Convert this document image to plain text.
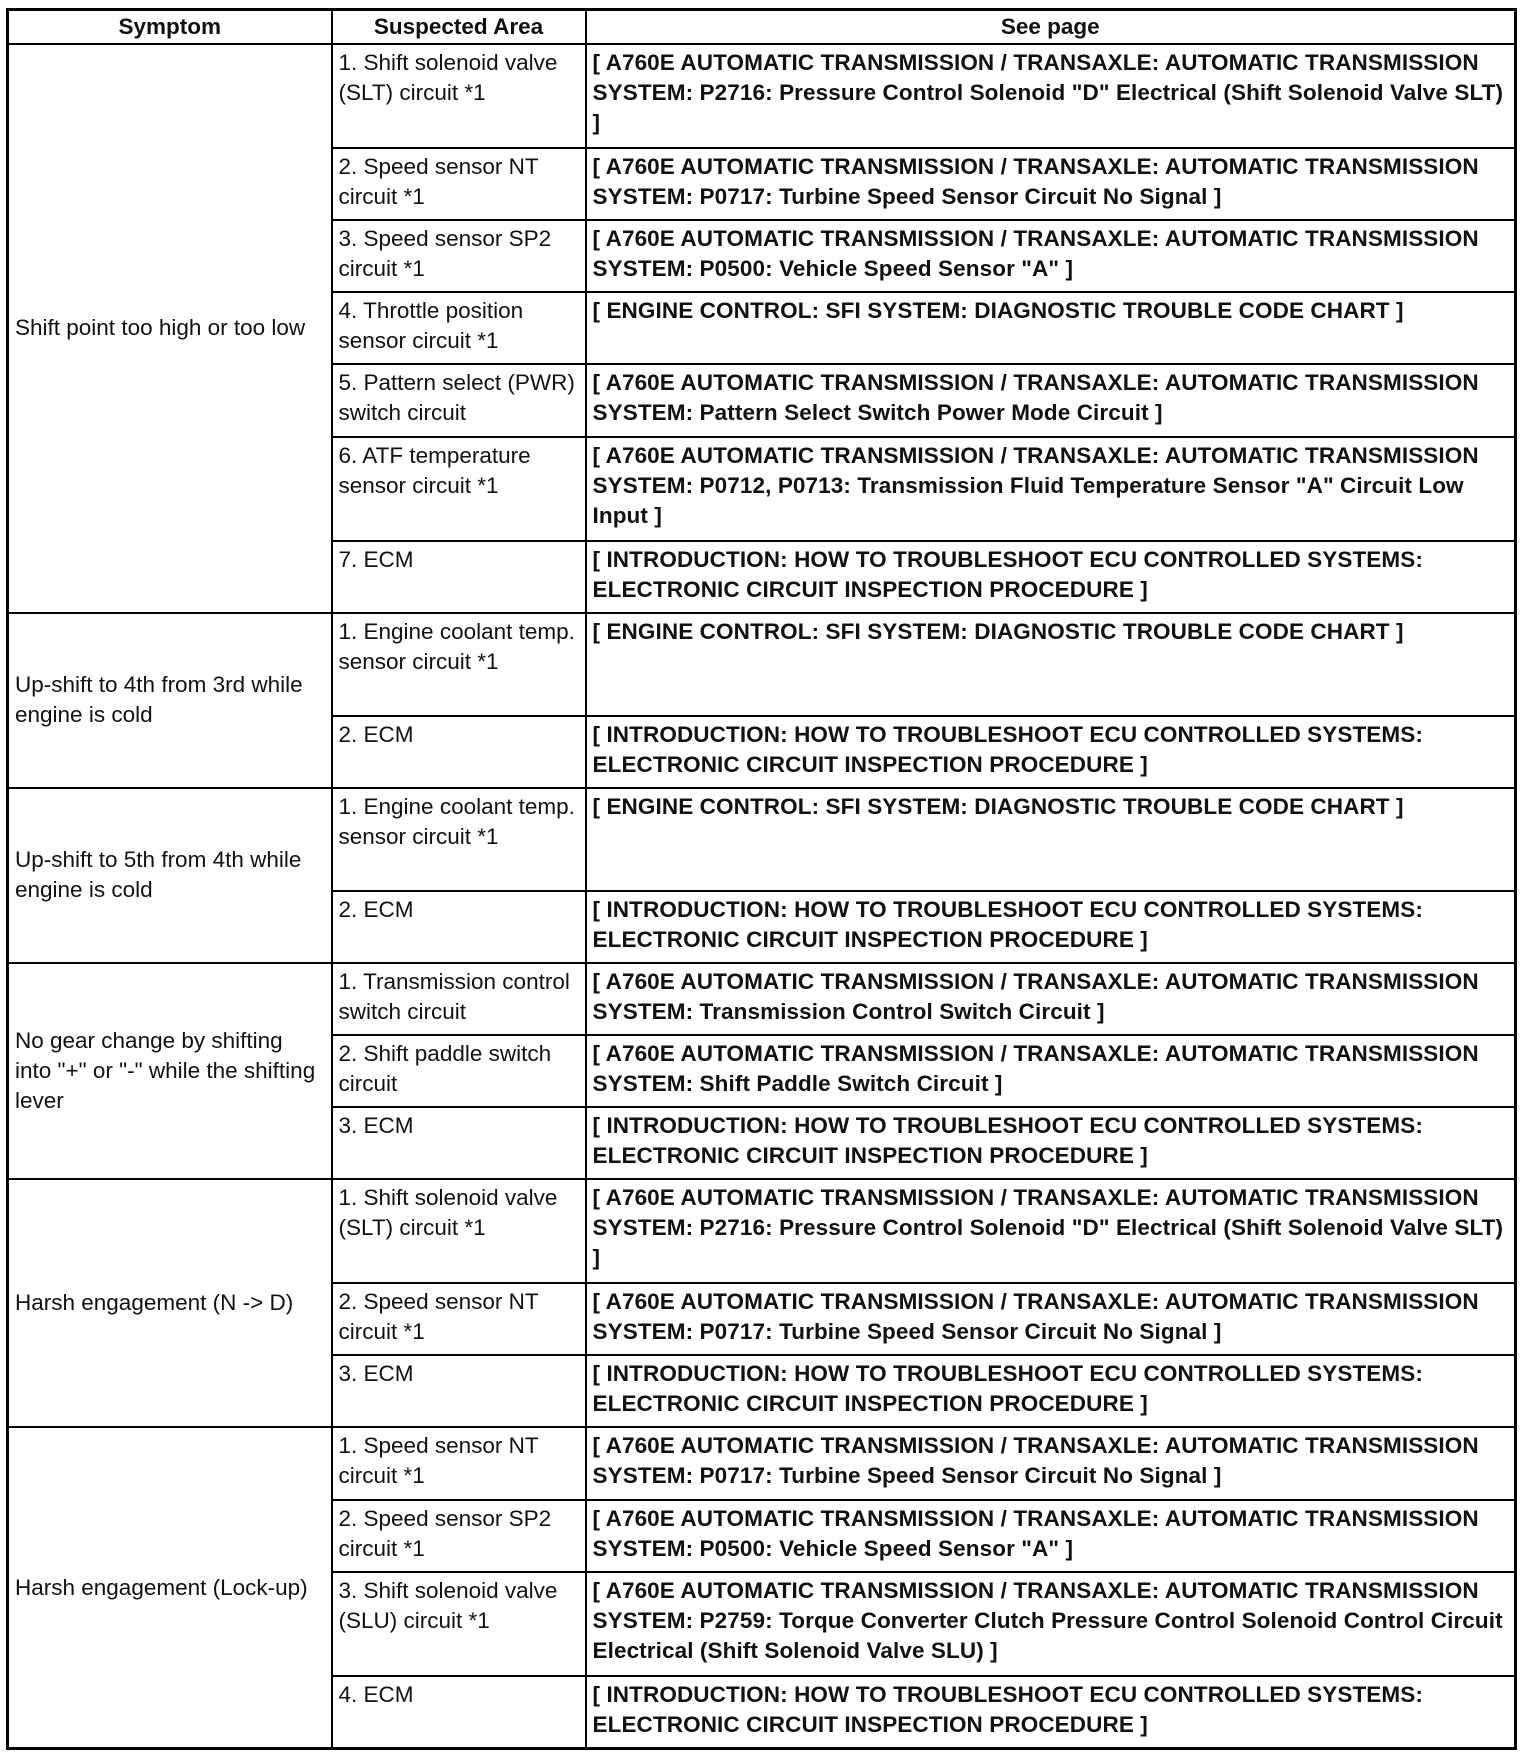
Symptom	Suspected Area	See page
Shift point too high or too low	1. Shift solenoid valve (SLT) circuit *1	[ A760E AUTOMATIC TRANSMISSION / TRANSAXLE: AUTOMATIC TRANSMISSION SYSTEM: P2716: Pressure Control Solenoid "D" Electrical (Shift Solenoid Valve SLT) ]
	2. Speed sensor NT circuit *1	[ A760E AUTOMATIC TRANSMISSION / TRANSAXLE: AUTOMATIC TRANSMISSION SYSTEM: P0717: Turbine Speed Sensor Circuit No Signal ]
	3. Speed sensor SP2 circuit *1	[ A760E AUTOMATIC TRANSMISSION / TRANSAXLE: AUTOMATIC TRANSMISSION SYSTEM: P0500: Vehicle Speed Sensor "A" ]
	4. Throttle position sensor circuit *1	[ ENGINE CONTROL: SFI SYSTEM: DIAGNOSTIC TROUBLE CODE CHART ]
	5. Pattern select (PWR) switch circuit	[ A760E AUTOMATIC TRANSMISSION / TRANSAXLE: AUTOMATIC TRANSMISSION SYSTEM: Pattern Select Switch Power Mode Circuit ]
	6. ATF temperature sensor circuit *1	[ A760E AUTOMATIC TRANSMISSION / TRANSAXLE: AUTOMATIC TRANSMISSION SYSTEM: P0712, P0713: Transmission Fluid Temperature Sensor "A" Circuit Low Input ]
	7. ECM	[ INTRODUCTION: HOW TO TROUBLESHOOT ECU CONTROLLED SYSTEMS: ELECTRONIC CIRCUIT INSPECTION PROCEDURE ]
Up-shift to 4th from 3rd while engine is cold	1. Engine coolant temp. sensor circuit *1	[ ENGINE CONTROL: SFI SYSTEM: DIAGNOSTIC TROUBLE CODE CHART ]
	2. ECM	[ INTRODUCTION: HOW TO TROUBLESHOOT ECU CONTROLLED SYSTEMS: ELECTRONIC CIRCUIT INSPECTION PROCEDURE ]
Up-shift to 5th from 4th while engine is cold	1. Engine coolant temp. sensor circuit *1	[ ENGINE CONTROL: SFI SYSTEM: DIAGNOSTIC TROUBLE CODE CHART ]
	2. ECM	[ INTRODUCTION: HOW TO TROUBLESHOOT ECU CONTROLLED SYSTEMS: ELECTRONIC CIRCUIT INSPECTION PROCEDURE ]
No gear change by shifting into "+" or "-" while the shifting lever	1. Transmission control switch circuit	[ A760E AUTOMATIC TRANSMISSION / TRANSAXLE: AUTOMATIC TRANSMISSION SYSTEM: Transmission Control Switch Circuit ]
	2. Shift paddle switch circuit	[ A760E AUTOMATIC TRANSMISSION / TRANSAXLE: AUTOMATIC TRANSMISSION SYSTEM: Shift Paddle Switch Circuit ]
	3. ECM	[ INTRODUCTION: HOW TO TROUBLESHOOT ECU CONTROLLED SYSTEMS: ELECTRONIC CIRCUIT INSPECTION PROCEDURE ]
Harsh engagement (N -> D)	1. Shift solenoid valve (SLT) circuit *1	[ A760E AUTOMATIC TRANSMISSION / TRANSAXLE: AUTOMATIC TRANSMISSION SYSTEM: P2716: Pressure Control Solenoid "D" Electrical (Shift Solenoid Valve SLT) ]
	2. Speed sensor NT circuit *1	[ A760E AUTOMATIC TRANSMISSION / TRANSAXLE: AUTOMATIC TRANSMISSION SYSTEM: P0717: Turbine Speed Sensor Circuit No Signal ]
	3. ECM	[ INTRODUCTION: HOW TO TROUBLESHOOT ECU CONTROLLED SYSTEMS: ELECTRONIC CIRCUIT INSPECTION PROCEDURE ]
Harsh engagement (Lock-up)	1. Speed sensor NT circuit *1	[ A760E AUTOMATIC TRANSMISSION / TRANSAXLE: AUTOMATIC TRANSMISSION SYSTEM: P0717: Turbine Speed Sensor Circuit No Signal ]
	2. Speed sensor SP2 circuit *1	[ A760E AUTOMATIC TRANSMISSION / TRANSAXLE: AUTOMATIC TRANSMISSION SYSTEM: P0500: Vehicle Speed Sensor "A" ]
	3. Shift solenoid valve (SLU) circuit *1	[ A760E AUTOMATIC TRANSMISSION / TRANSAXLE: AUTOMATIC TRANSMISSION SYSTEM: P2759: Torque Converter Clutch Pressure Control Solenoid Control Circuit Electrical (Shift Solenoid Valve SLU) ]
	4. ECM	[ INTRODUCTION: HOW TO TROUBLESHOOT ECU CONTROLLED SYSTEMS: ELECTRONIC CIRCUIT INSPECTION PROCEDURE ]
